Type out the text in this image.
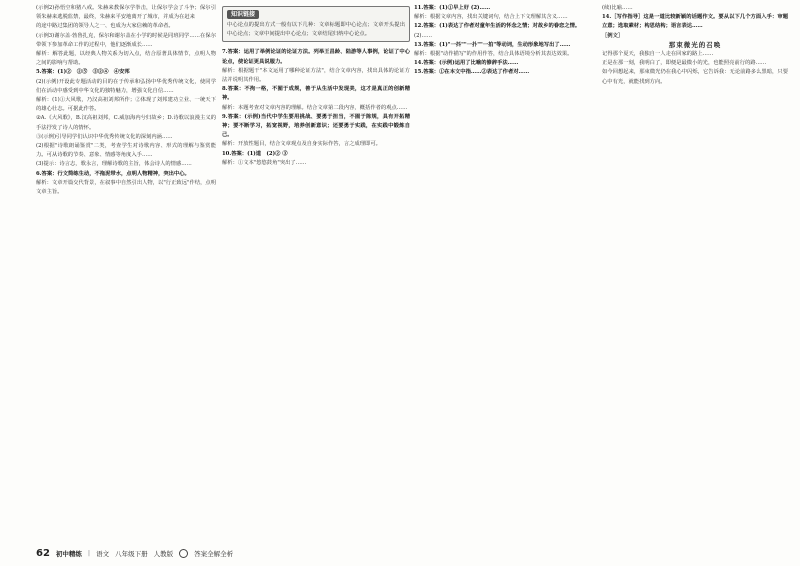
(示例2)孙悟空和猪八戒。朱赫来教保尔学拳击，让保尔学会了斗争；保尔引领朱赫来逃脱监禁，最终，朱赫来平安地离开了城市，并成为在赶来

的途中路过集团的领导人之一、也成为大家信赖的革命者。

(示例3)谢尔盖·勃鲁扎克，保尔和谢尔盖在小学的时候是同班同学……在保尔带领下参加革命工作的过程中，他们逐渐成长……

解析：解答此题，以经典人物关系为切入点，结合原著具体情节，点明人物之间的影响与帮助。

5.答案：(1)②　②⑤　③②④　④安邦

(2)(示例)开设此专题活动的目的在于传承和弘扬中华优秀传统文化，使同学们在活动中感受到中华文化的独特魅力，增强文化自信……

解析：(1)①大风歌，乃汉高祖刘邦所作；②体现了刘邦建功立业、一统天下的雄心壮志。可据此作答。

②A.《大风歌》，B.汉高祖刘邦，C.威加海内兮归故乡；D.诗歌以浪漫主义的手法抒发了诗人的情怀。

③(示例)引导同学们认识中华优秀传统文化的深刻内涵……

(2)根据"诗歌朗诵鉴赏"二类，考查学生对诗歌内容、形式的理解与鉴赏能力。可从诗歌的节奏、意象、情感等角度入手……

(3)提示：诗言志，歌永言，理解诗歌的主旨，体会诗人的情感……

6.答案：行文简练生动，不拖泥带水，点明人物精神，突出中心。

解析：文章开篇交代背景，在叙事中自然引出人物，以"行正致远"作结，点明文章主旨。

知识链接
中心论点的提出方式一般有以下几种：文章标题即中心论点；文章开头提出中心论点；文章中间提出中心论点；文章结尾归纳中心论点。

7.答案：运用了举例论证的论证方法。列举王昌龄、陆游等人事例，论证了中心论点，使论证更具说服力。

解析：根据题干"本文运用了哪种论证方法"，结合文章内容，找出具体的论证方法并说明其作用。

8.答案：不拘一格，不囿于成规，善于从生活中发现美，这才是真正的创新精神。

解析：本题考查对文章内容的理解。结合文章第二段内容，概括作者的观点……

9.答案：(示例)当代中学生要用挑战、要勇于担当，不囿于陈规，具有开拓精神；要不断学习，拓宽视野，培养创新意识；还要勇于实践，在实践中锻炼自己。

解析：开放性题目，结合文章观点及自身实际作答，言之成理即可。

10.答案：(1)道　(2)② ③

解析：①文本"悠悠鼓角"突出了……

11.答案：(1)①早上好 (2)……

解析：根据文章内容，找出关键词句，结合上下文理解其含义……

12.答案：(1)表达了作者对童年生活的怀念之情；对故乡的眷恋之情。

(2)……

13.答案：(1)"一抖""一扑""一拍"等动词，生动形象地写出了……

解析：根据"动作描写"的作用作答，结合具体语境分析其表达效果。

14.答案：(示例)运用了比喻的修辞手法……

15.答案：①在本文中指……②表达了作者对……

(续)比喻……

14.［写作指导］这是一道比较新颖的话题作文。要从以下几个方面入手：审题立意；选取素材；构思结构；语言表达……

［例文］

那束微光的召唤

记得那个夏天，我独自一人走在回家的路上……

正是在那一刻，我明白了，即便是最微小的光，也能照亮前行的路……

如今回想起来，那束微光仍在我心中闪烁，它告诉我：无论前路多么黑暗，只要心中有光，就能找到方向。

62 初中精练 | 语文 八年级下册 人教版	答案全解全析
